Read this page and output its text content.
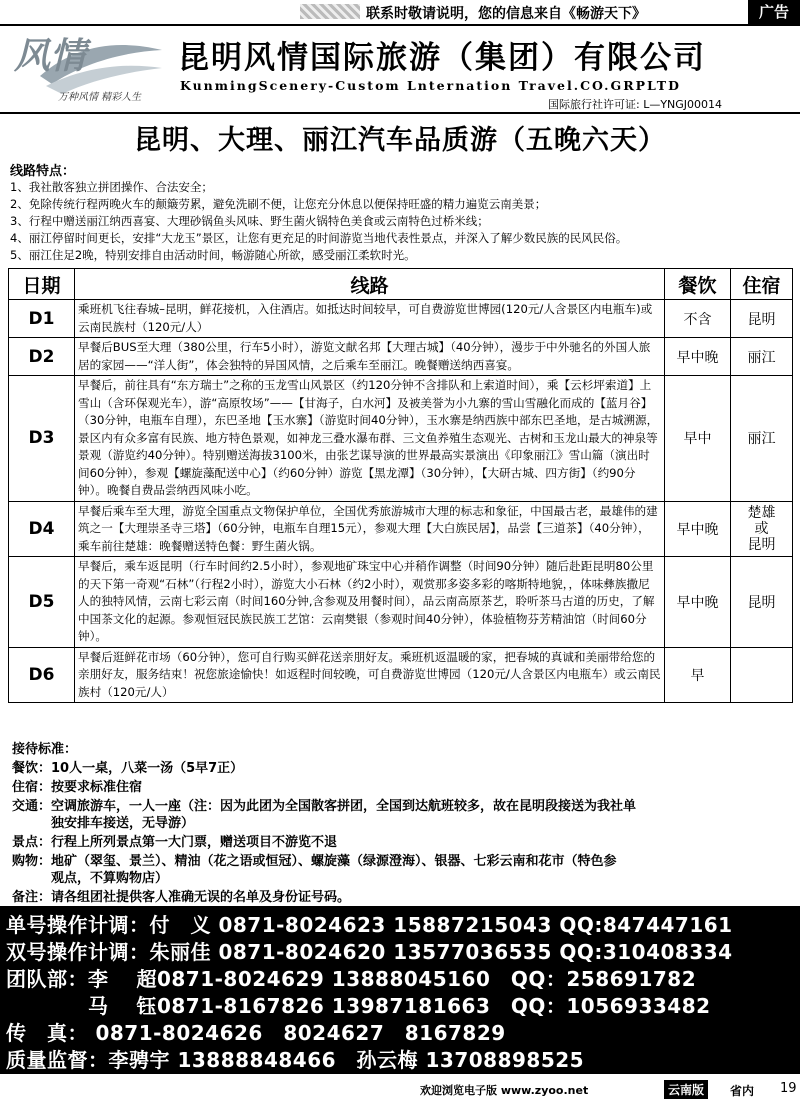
联系时敬请说明，您的信息来自《畅游天下》	广告
风情
万种风情 精彩人生
昆明风情国际旅游（集团）有限公司
KunmingScenery-Custom Lnternation Travel.CO.GRPLTD
国际旅行社许可证: L—YNGJ00014
昆明、大理、丽江汽车品质游（五晚六天）
线路特点：
1、我社散客独立拼团操作、合法安全；
2、免除传统行程两晚火车的颠簸劳累，避免洗刷不便，让您充分休息以便保持旺盛的精力遍览云南美景；
3、行程中赠送丽江纳西喜宴、大理砂锅鱼头风味、野生菌火锅特色美食或云南特色过桥米线；
4、丽江停留时间更长，安排“大龙玉”景区，让您有更充足的时间游览当地代表性景点，并深入了解少数民族的民风民俗。
5、丽江住足2晚，特别安排自由活动时间，畅游随心所欲，感受丽江柔软时光。
日期	线路	餐饮	住宿
D1	乘班机飞往春城–昆明，鲜花接机，入住酒店。如抵达时间较早，可自费游览世博园(120元/人含景区内电瓶车)或云南民族村（120元/人）	不含	昆明
D2	早餐后BUS至大理（380公里，行车5小时），游览文献名邦【大理古城】（40分钟），漫步于中外驰名的外国人旅居的家园——“洋人街”，体会独特的异国风情，之后乘车至丽江。晚餐赠送纳西喜宴。	早中晚	丽江
D3	早餐后，前往具有“东方瑞士”之称的玉龙雪山风景区（约120分钟不含排队和上索道时间），乘【云杉坪索道】上雪山（含环保观光车），游“高原牧场”——【甘海子，白水河】及被美誉为小九寨的雪山雪融化而成的【蓝月谷】（30分钟，电瓶车自理），东巴圣地【玉水寨】（游览时间40分钟），玉水寨是纳西族中部东巴圣地，是古城溯源，景区内有众多富有民族、地方特色景观，如神龙三叠水瀑布群、三文鱼养殖生态观光、古树和玉龙山最大的神泉等景观（游览约40分钟）。特别赠送海拔3100米，由张艺谋导演的世界最高实景演出《印象丽江》雪山篇（演出时间60分钟），参观【螺旋藻配送中心】（约60分钟）游览【黑龙潭】（30分钟），【大研古城、四方街】（约90分钟）。晚餐自费品尝纳西风味小吃。	早中	丽江
D4	早餐后乘车至大理，游览全国重点文物保护单位，全国优秀旅游城市大理的标志和象征，中国最古老，最雄伟的建筑之一【大理崇圣寺三塔】（60分钟，电瓶车自理15元），参观大理【大白族民居】，品尝【三道茶】（40分钟），乘车前往楚雄：晚餐赠送特色餐：野生菌火锅。	早中晚	楚雄
或
昆明
D5	早餐后，乘车返昆明（行车时间约2.5小时），参观地矿珠宝中心并稍作调整（时间90分钟）随后赴距昆明80公里的天下第一奇观“石林”（行程2小时），游览大小石林（约2小时），观赏那多姿多彩的喀斯特地貌，，体味彝族撒尼人的独特风情，云南七彩云南（时间160分钟,含参观及用餐时间），品云南高原茶艺，聆听茶马古道的历史，了解中国茶文化的起源。参观恒冠民族民族工艺馆：云南樊银（参观时间40分钟），体验植物芬芳精油馆（时间60分钟）。	早中晚	昆明
D6	早餐后逛鲜花市场（60分钟），您可自行购买鲜花送亲朋好友。乘班机返温暖的家，把春城的真诚和美丽带给您的亲朋好友，服务结束！祝您旅途愉快！如返程时间较晚，可自费游览世博园（120元/人含景区内电瓶车）或云南民族村（120元/人）	早	
接待标准：
餐饮：10人一桌，八菜一汤（5早7正）
住宿：按要求标准住宿
交通：空调旅游车，一人一座（注：因为此团为全国散客拼团，全国到达航班较多，故在昆明段接送为我社单
　　　独安排车接送，无导游）
景点：行程上所列景点第一大门票，赠送项目不游览不退
购物：地矿（翠玺、景兰）、精油（花之语或恒冠）、螺旋藻（绿源澄海）、银器、七彩云南和花市（特色参
　　　观点，不算购物店）
备注：请各组团社提供客人准确无误的名单及身份证号码。
单号操作计调：付　义 0871-8024623 15887215043 QQ:847447161
双号操作计调：朱丽佳 0871-8024620 13577036535 QQ:310408334
团队部：李　 超0871-8024629 13888045160　QQ：258691782
　　　　马　 钰0871-8167826 13987181663　QQ：1056933482
传　真： 0871-8024626　8024627　8167829
质量监督：李骋宇 13888848466　孙云梅 13708898525
欢迎浏览电子版 www.zyoo.net	云南版	省内 19
